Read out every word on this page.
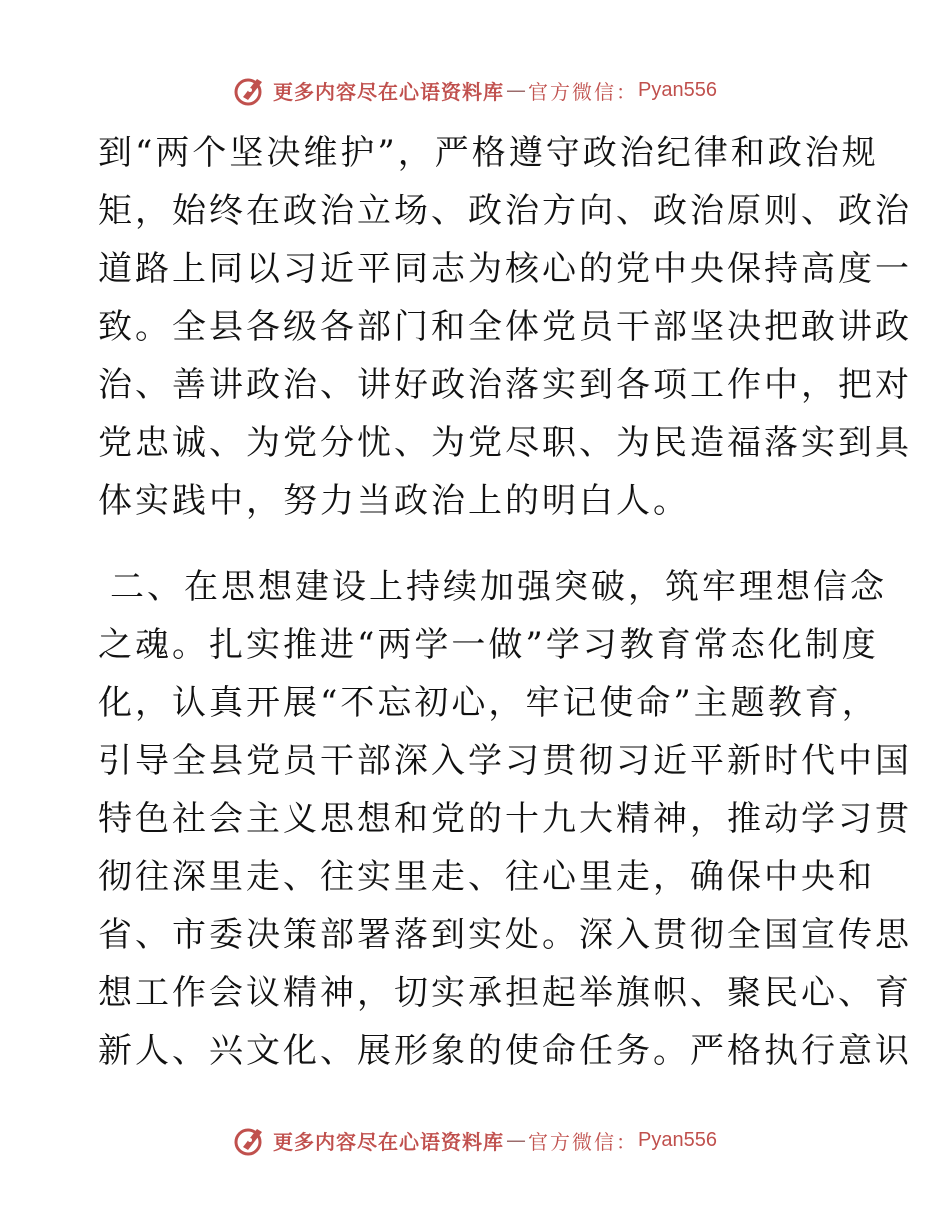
更多内容尽在心语资料库 — 官方微信： Pyan556
到“两个坚决维护”，严格遵守政治纪律和政治规
矩，始终在政治立场、政治方向、政治原则、政治
道路上同以习近平同志为核心的党中央保持高度一
致。全县各级各部门和全体党员干部坚决把敢讲政
治、善讲政治、讲好政治落实到各项工作中，把对
党忠诚、为党分忧、为党尽职、为民造福落实到具
体实践中，努力当政治上的明白人。
二、在思想建设上持续加强突破，筑牢理想信念
之魂。扎实推进“两学一做”学习教育常态化制度
化，认真开展“不忘初心，牢记使命”主题教育，
引导全县党员干部深入学习贯彻习近平新时代中国
特色社会主义思想和党的十九大精神，推动学习贯
彻往深里走、往实里走、往心里走，确保中央和
省、市委决策部署落到实处。深入贯彻全国宣传思
想工作会议精神，切实承担起举旗帜、聚民心、育
新人、兴文化、展形象的使命任务。严格执行意识
更多内容尽在心语资料库 — 官方微信： Pyan556
